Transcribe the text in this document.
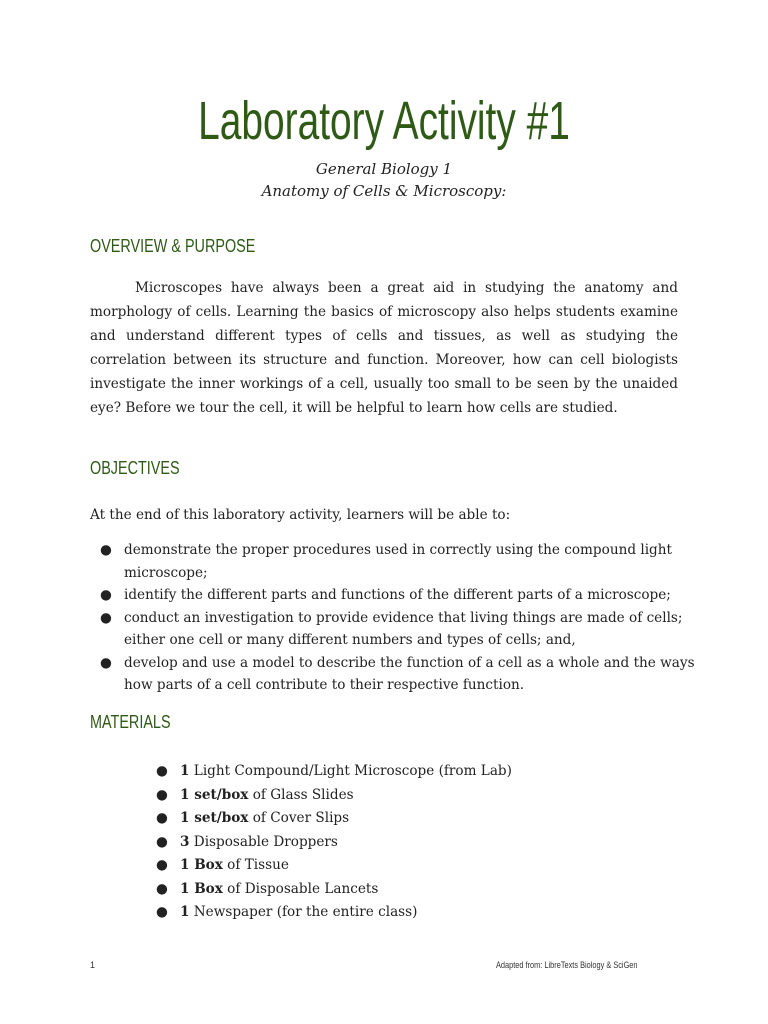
Laboratory Activity #1
General Biology 1
Anatomy of Cells & Microscopy:
OVERVIEW & PURPOSE
Microscopes have always been a great aid in studying the anatomy and morphology of cells. Learning the basics of microscopy also helps students examine and understand different types of cells and tissues, as well as studying the correlation between its structure and function. Moreover, how can cell biologists investigate the inner workings of a cell, usually too small to be seen by the unaided eye? Before we tour the cell, it will be helpful to learn how cells are studied.
OBJECTIVES
At the end of this laboratory activity, learners will be able to:
● demonstrate the proper procedures used in correctly using the compound light microscope;
● identify the different parts and functions of the different parts of a microscope;
● conduct an investigation to provide evidence that living things are made of cells; either one cell or many different numbers and types of cells; and,
● develop and use a model to describe the function of a cell as a whole and the ways how parts of a cell contribute to their respective function.
MATERIALS
● 1 Light Compound/Light Microscope (from Lab)
● 1 set/box of Glass Slides
● 1 set/box of Cover Slips
● 3 Disposable Droppers
● 1 Box of Tissue
● 1 Box of Disposable Lancets
● 1 Newspaper (for the entire class)
1	Adapted from: LibreTexts Biology & SciGen
